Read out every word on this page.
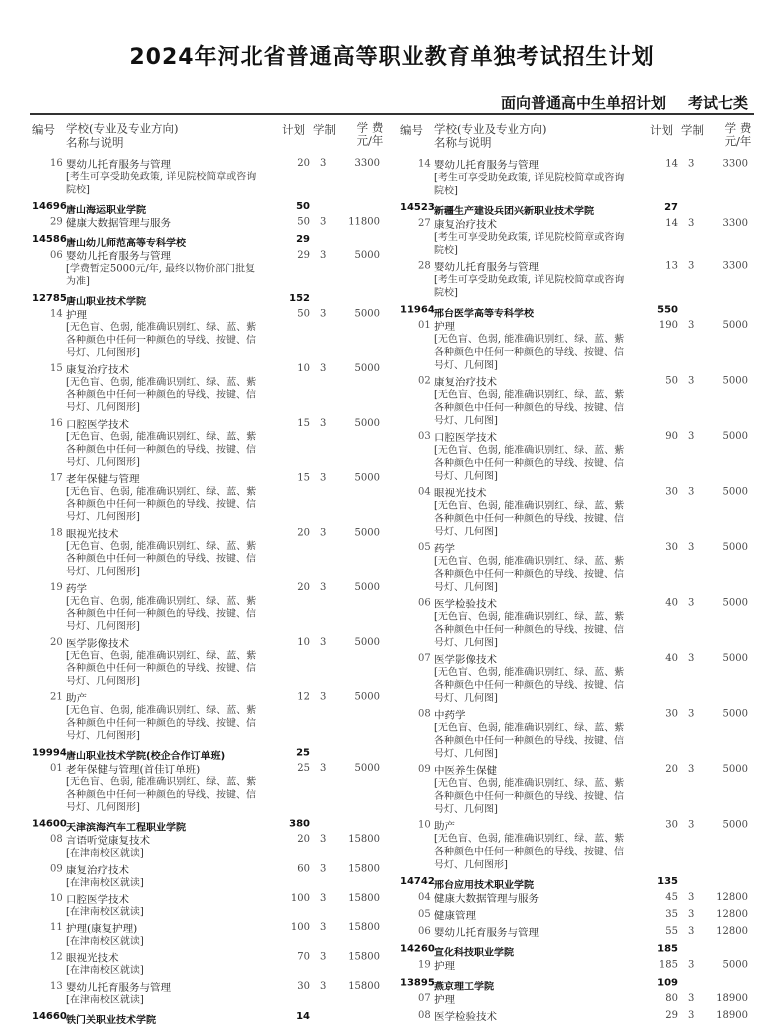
2024年河北省普通高等职业教育单独考试招生计划
面向普通高中生单招计划 考试七类
编号 学校(专业及专业方向)
名称与说明
计划 学制	学 费
元/年
16 婴幼儿托育服务与管理	20 3	3300
[考生可享受助免政策, 详见院校简章或咨询
院校]
14696 唐山海运职业学院	50
29 健康大数据管理与服务	50 3	11800
14586 唐山幼儿师范高等专科学校	29
06 婴幼儿托育服务与管理	29 3	5000
[学费暂定5000元/年, 最终以物价部门批复
为准]
12785 唐山职业技术学院	152
14 护理	50 3	5000
[无色盲、色弱, 能准确识别红、绿、蓝、紫
各种颜色中任何一种颜色的导线、按键、信
号灯、几何图形]
15 康复治疗技术	10 3	5000
[无色盲、色弱, 能准确识别红、绿、蓝、紫
各种颜色中任何一种颜色的导线、按键、信
号灯、几何图形]
16 口腔医学技术	15 3	5000
[无色盲、色弱, 能准确识别红、绿、蓝、紫
各种颜色中任何一种颜色的导线、按键、信
号灯、几何图形]
17 老年保健与管理	15 3	5000
[无色盲、色弱, 能准确识别红、绿、蓝、紫
各种颜色中任何一种颜色的导线、按键、信
号灯、几何图形]
18 眼视光技术	20 3	5000
[无色盲、色弱, 能准确识别红、绿、蓝、紫
各种颜色中任何一种颜色的导线、按键、信
号灯、几何图形]
19 药学	20 3	5000
[无色盲、色弱, 能准确识别红、绿、蓝、紫
各种颜色中任何一种颜色的导线、按键、信
号灯、几何图形]
20 医学影像技术	10 3	5000
[无色盲、色弱, 能准确识别红、绿、蓝、紫
各种颜色中任何一种颜色的导线、按键、信
号灯、几何图形]
21 助产	12 3	5000
[无色盲、色弱, 能准确识别红、绿、蓝、紫
各种颜色中任何一种颜色的导线、按键、信
号灯、几何图形]
19994 唐山职业技术学院(校企合作订单班)	25
01 老年保健与管理(首佳订单班)	25 3	5000
[无色盲、色弱, 能准确识别红、绿、蓝、紫
各种颜色中任何一种颜色的导线、按键、信
号灯、几何图形]
14600 天津滨海汽车工程职业学院	380
08 言语听觉康复技术	20 3	15800
[在津南校区就读]
09 康复治疗技术	60 3	15800
[在津南校区就读]
10 口腔医学技术	100 3	15800
[在津南校区就读]
11 护理(康复护理)	100 3	15800
[在津南校区就读]
12 眼视光技术	70 3	15800
[在津南校区就读]
13 婴幼儿托育服务与管理	30 3	15800
[在津南校区就读]
14660 铁门关职业技术学院	14
编号 学校(专业及专业方向)
名称与说明
计划 学制	学 费
元/年
14 婴幼儿托育服务与管理	14 3	3300
[考生可享受助免政策, 详见院校简章或咨询
院校]
14523 新疆生产建设兵团兴新职业技术学院	27
27 康复治疗技术	14 3	3300
[考生可享受助免政策, 详见院校简章或咨询
院校]
28 婴幼儿托育服务与管理	13 3	3300
[考生可享受助免政策, 详见院校简章或咨询
院校]
11964 邢台医学高等专科学校	550
01 护理	190 3	5000
[无色盲、色弱, 能准确识别红、绿、蓝、紫
各种颜色中任何一种颜色的导线、按键、信
号灯、几何图]
02 康复治疗技术	50 3	5000
[无色盲、色弱, 能准确识别红、绿、蓝、紫
各种颜色中任何一种颜色的导线、按键、信
号灯、几何图]
03 口腔医学技术	90 3	5000
[无色盲、色弱, 能准确识别红、绿、蓝、紫
各种颜色中任何一种颜色的导线、按键、信
号灯、几何图]
04 眼视光技术	30 3	5000
[无色盲、色弱, 能准确识别红、绿、蓝、紫
各种颜色中任何一种颜色的导线、按键、信
号灯、几何图]
05 药学	30 3	5000
[无色盲、色弱, 能准确识别红、绿、蓝、紫
各种颜色中任何一种颜色的导线、按键、信
号灯、几何图]
06 医学检验技术	40 3	5000
[无色盲、色弱, 能准确识别红、绿、蓝、紫
各种颜色中任何一种颜色的导线、按键、信
号灯、几何图]
07 医学影像技术	40 3	5000
[无色盲、色弱, 能准确识别红、绿、蓝、紫
各种颜色中任何一种颜色的导线、按键、信
号灯、几何图]
08 中药学	30 3	5000
[无色盲、色弱, 能准确识别红、绿、蓝、紫
各种颜色中任何一种颜色的导线、按键、信
号灯、几何图]
09 中医养生保健	20 3	5000
[无色盲、色弱, 能准确识别红、绿、蓝、紫
各种颜色中任何一种颜色的导线、按键、信
号灯、几何图]
10 助产	30 3	5000
[无色盲、色弱, 能准确识别红、绿、蓝、紫
各种颜色中任何一种颜色的导线、按键、信
号灯、几何图形]
14742 邢台应用技术职业学院	135
04 健康大数据管理与服务	45 3	12800
05 健康管理	35 3	12800
06 婴幼儿托育服务与管理	55 3	12800
14260 宣化科技职业学院	185
19 护理	185 3	5000
13895 燕京理工学院	109
07 护理	80 3	18900
08 医学检验技术	29 3	18900
